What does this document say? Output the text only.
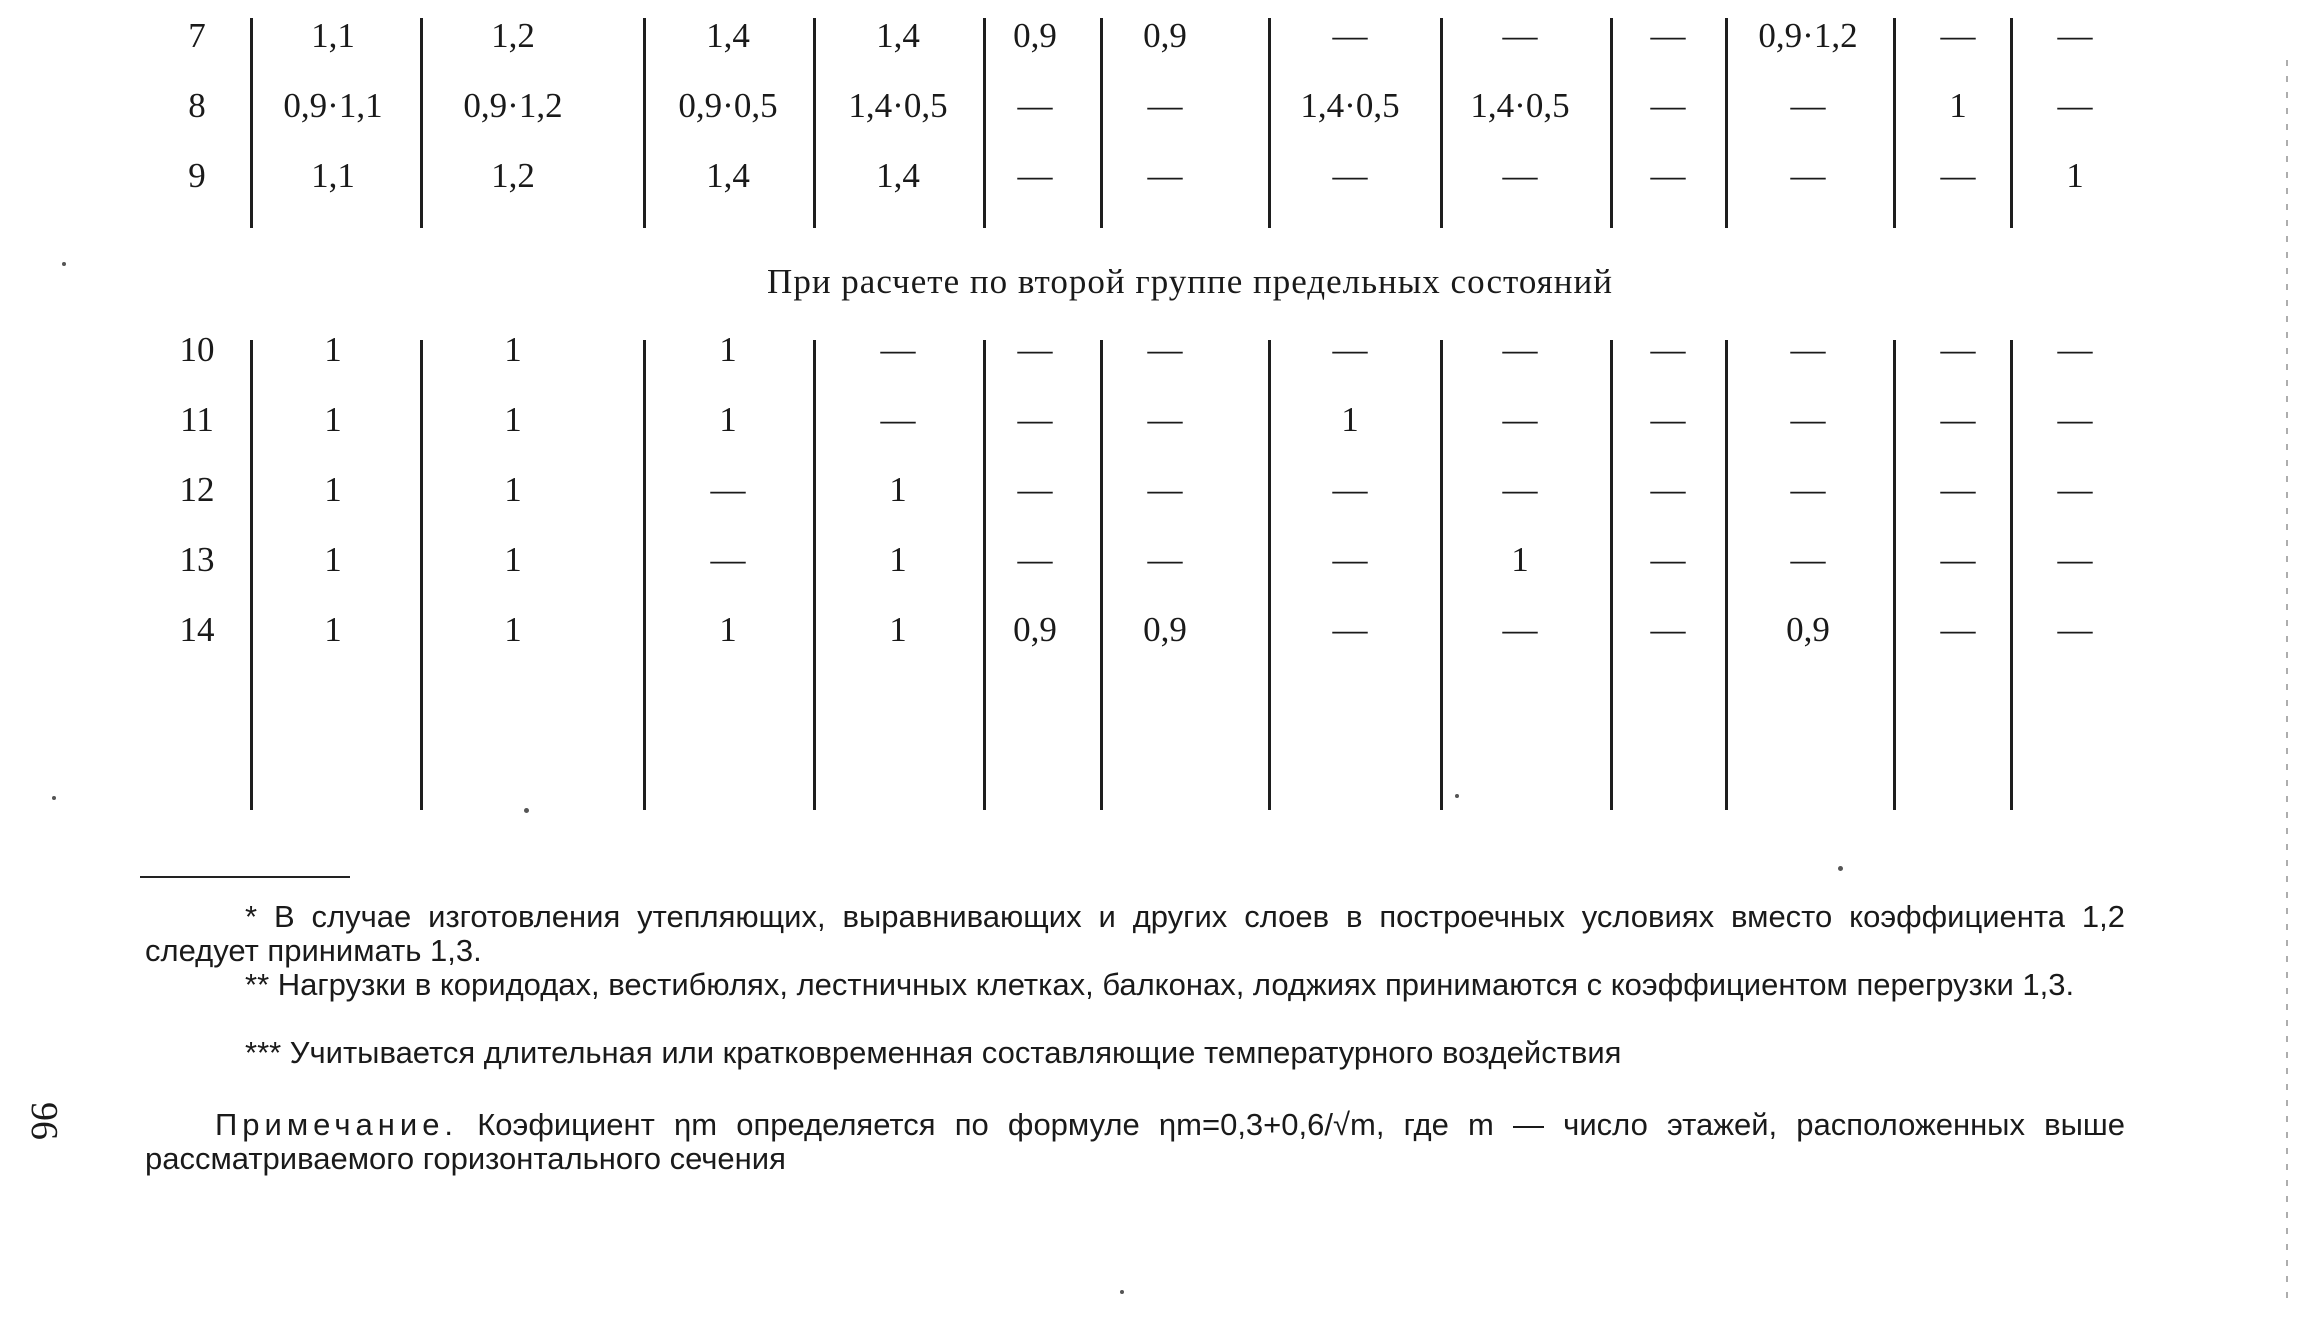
7	1,1	1,2	1,4	1,4	0,9	0,9	—	—	—	0,9·1,2	—	—
8	0,9·1,1	0,9·1,2	0,9·0,5	1,4·0,5	—	—	1,4·0,5	1,4·0,5	—	—	1	—
9	1,1	1,2	1,4	1,4	—	—	—	—	—	—	—	1
10	1	1	1	—	—	—	—	—	—	—	—	—
11	1	1	1	—	—	—	1	—	—	—	—	—
12	1	1	—	1	—	—	—	—	—	—	—	—
13	1	1	—	1	—	—	—	1	—	—	—	—
14	1	1	1	1	0,9	0,9	—	—	—	0,9	—	—
При расчете по второй группе предельных состояний
* В случае изготовления утепляющих, выравнивающих и других слоев в построечных условиях вместо коэффициента 1,2 следует принимать 1,3.
** Нагрузки в коридодах, вестибюлях, лестничных клетках, балконах, лоджиях принимаются с коэффициентом перегрузки 1,3.
*** Учитывается длительная или кратковременная составляющие температурного воздействия
Примечание. Коэфициент ηm определяется по формуле ηm=0,3+0,6/√m, где m — число этажей, расположенных выше рассматриваемого горизонтального сечения
96
